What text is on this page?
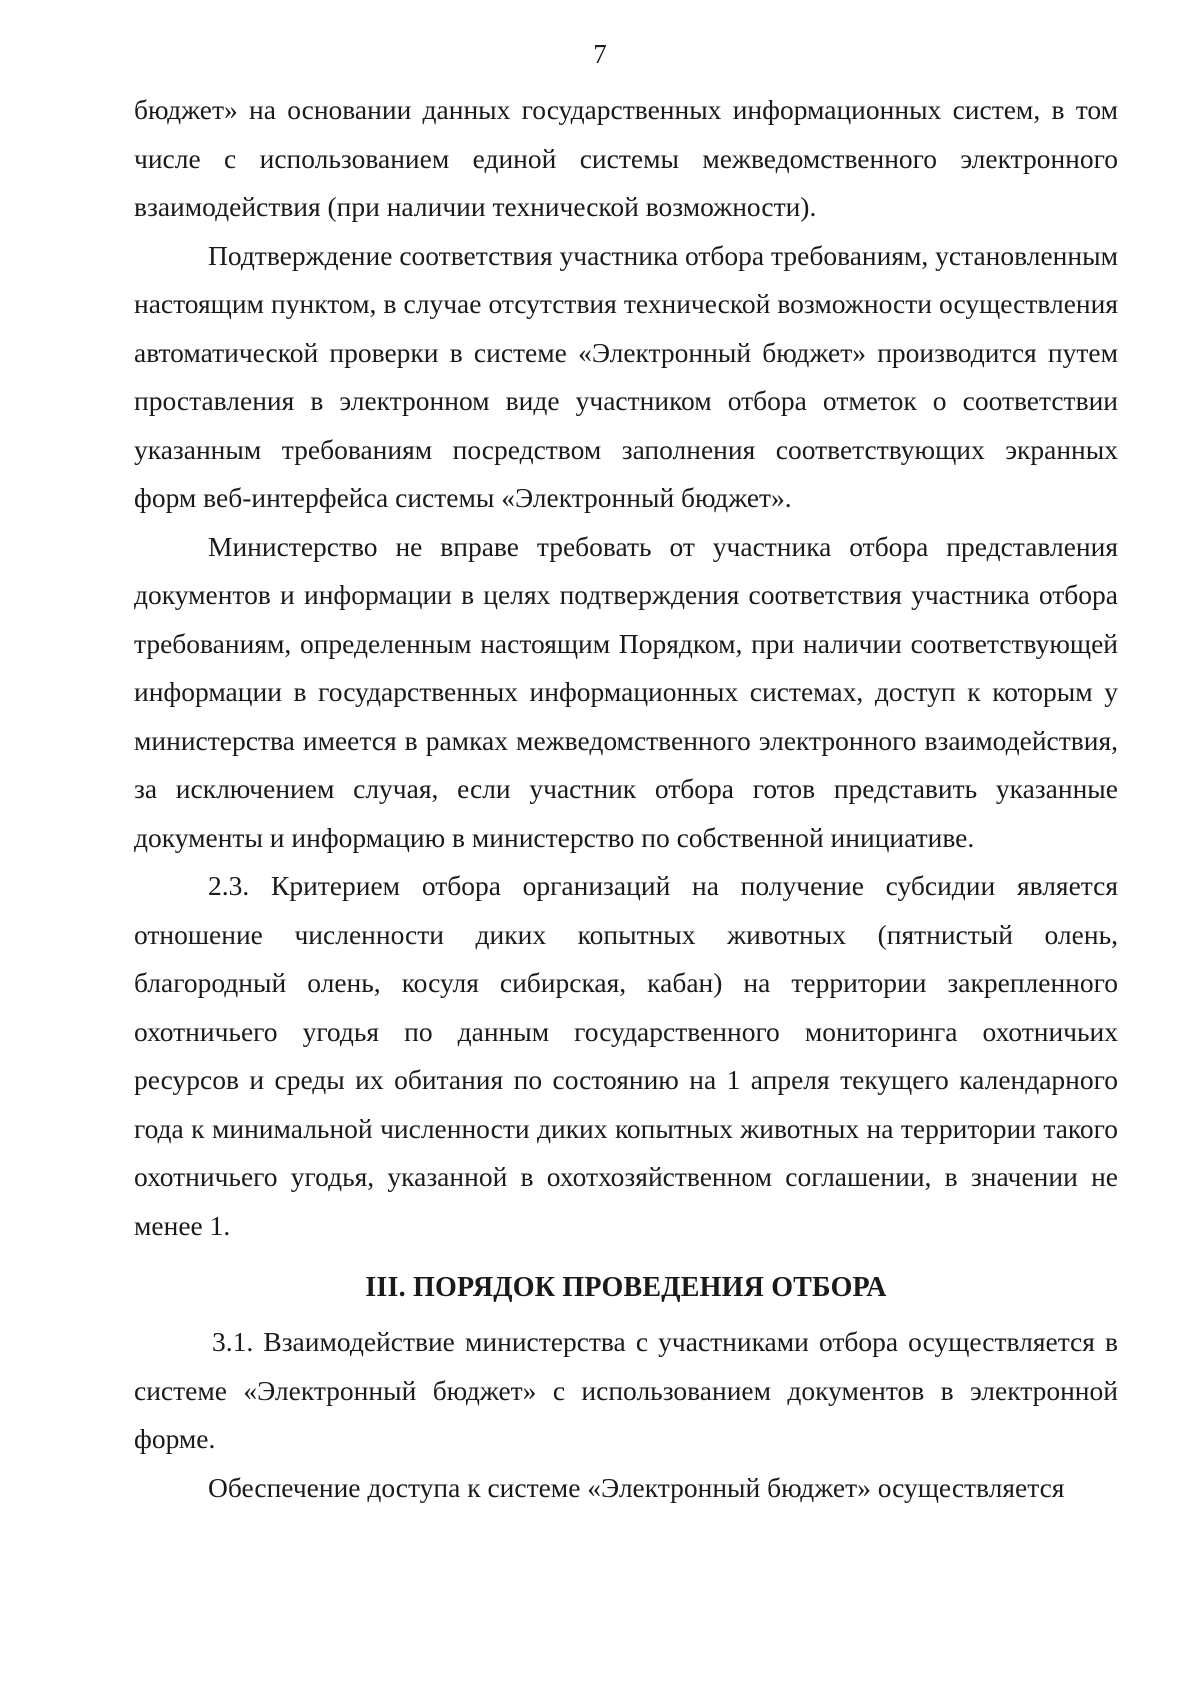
7

бюджет» на основании данных государственных информационных систем, в том числе с использованием единой системы межведомственного электронного взаимодействия (при наличии технической возможности).

Подтверждение соответствия участника отбора требованиям, установленным настоящим пунктом, в случае отсутствия технической возможности осуществления автоматической проверки в системе «Электронный бюджет» производится путем проставления в электронном виде участником отбора отметок о соответствии указанным требованиям посредством заполнения соответствующих экранных форм веб-интерфейса системы «Электронный бюджет».

Министерство не вправе требовать от участника отбора представления документов и информации в целях подтверждения соответствия участника отбора требованиям, определенным настоящим Порядком, при наличии соответствующей информации в государственных информационных системах, доступ к которым у министерства имеется в рамках межведомственного электронного взаимодействия, за исключением случая, если участник отбора готов представить указанные документы и информацию в министерство по собственной инициативе.

2.3. Критерием отбора организаций на получение субсидии является отношение численности диких копытных животных (пятнистый олень, благородный олень, косуля сибирская, кабан) на территории закрепленного охотничьего угодья по данным государственного мониторинга охотничьих ресурсов и среды их обитания по состоянию на 1 апреля текущего календарного года к минимальной численности диких копытных животных на территории такого охотничьего угодья, указанной в охотхозяйственном соглашении, в значении не менее 1.

III. ПОРЯДОК ПРОВЕДЕНИЯ ОТБОРА

3.1. Взаимодействие министерства с участниками отбора осуществляется в системе «Электронный бюджет» с использованием документов в электронной форме.

Обеспечение доступа к системе «Электронный бюджет» осуществляется
